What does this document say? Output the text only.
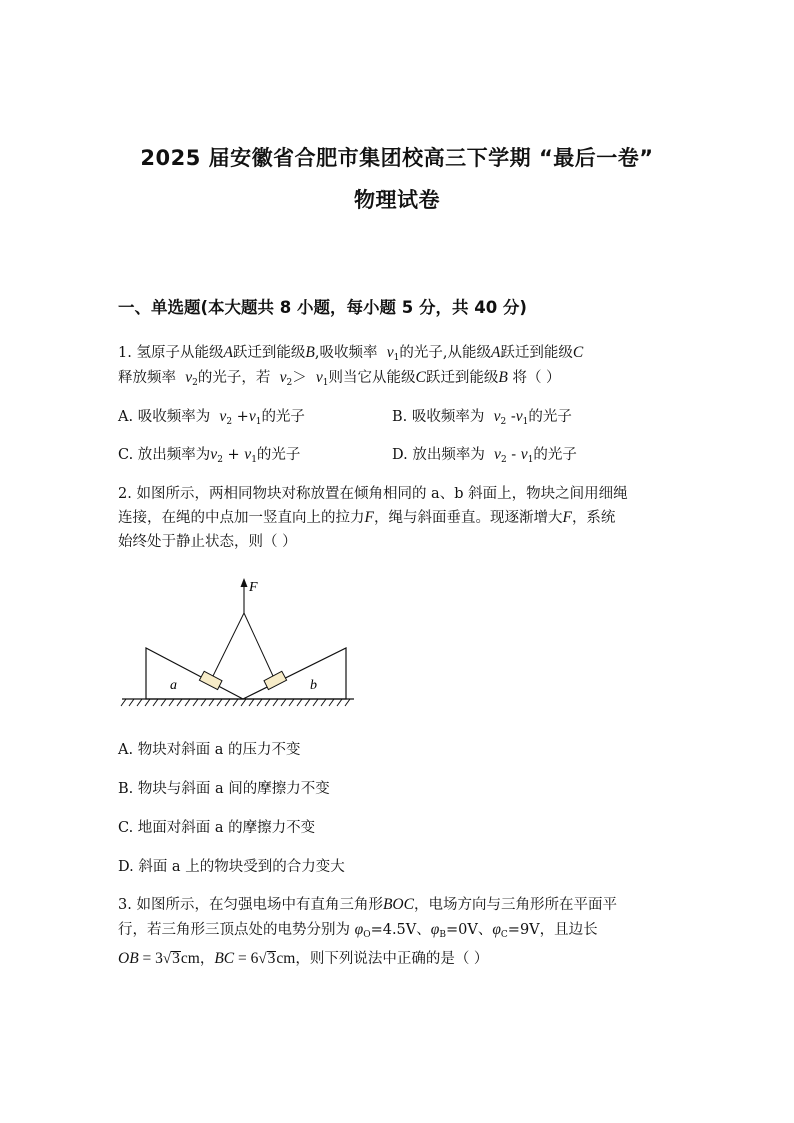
2025 届安徽省合肥市集团校高三下学期 “最后一卷”
物理试卷
一、单选题(本大题共 8 小题，每小题 5 分，共 40 分)
1. 氢原子从能级A跃迁到能级B,吸收频率 $\nu_1$的光子,从能级A跃迁到能级C
释放频率 $\nu_2$的光子，若 $\nu_2> \nu_1$则当它从能级C跃迁到能级B 将（ ）
A. 吸收频率为 $\nu_2 +\nu_1$的光子	B. 吸收频率为 $\nu_2$ $-\nu_1$的光子
C. 放出频率为$\nu_2 + \nu_1$的光子	D. 放出频率为 $\nu_2 - \nu_1$的光子
2. 如图所示，两相同物块对称放置在倾角相同的 a、b 斜面上，物块之间用细绳
连接，在绳的中点加一竖直向上的拉力F，绳与斜面垂直。现逐渐增大F，系统
始终处于静止状态，则（ ）
F
a	b
A. 物块对斜面 a 的压力不变
B. 物块与斜面 a 间的摩擦力不变
C. 地面对斜面 a 的摩擦力不变
D. 斜面 a 上的物块受到的合力变大
3. 如图所示，在匀强电场中有直角三角形BOC，电场方向与三角形所在平面平
行，若三角形三顶点处的电势分别为 $\varphi_O=4.5V$、$\varphi_B=0V$、$\varphi_C=9V$，且边长
OB = 3√3cm，BC = 6√3cm，则下列说法中正确的是（ ）
